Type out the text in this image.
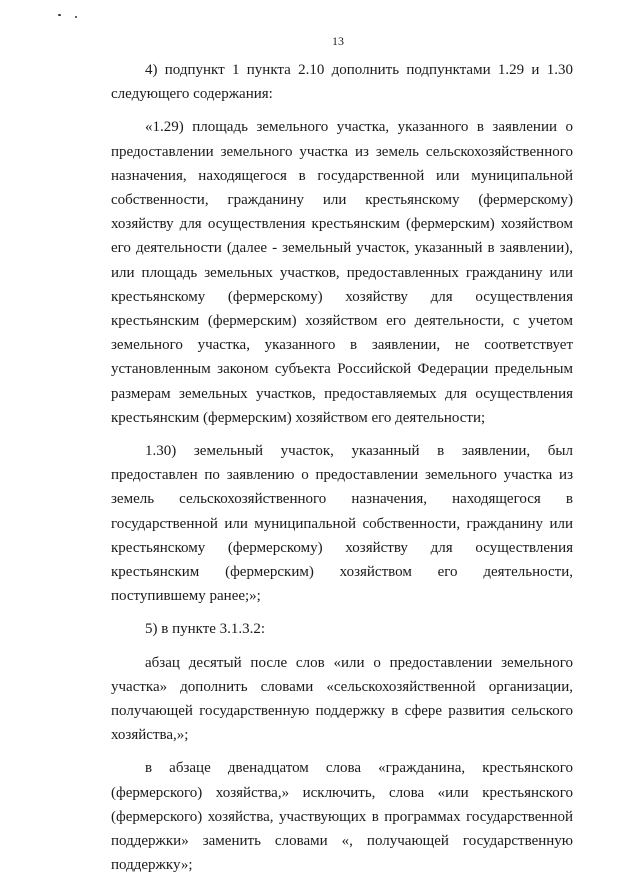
13

4) подпункт 1 пункта 2.10 дополнить подпунктами 1.29 и 1.30 следующего содержания:

«1.29) площадь земельного участка, указанного в заявлении о предоставлении земельного участка из земель сельскохозяйственного назначения, находящегося в государственной или муниципальной собственности, гражданину или крестьянскому (фермерскому) хозяйству для осуществления крестьянским (фермерским) хозяйством его деятельности (далее - земельный участок, указанный в заявлении), или площадь земельных участков, предоставленных гражданину или крестьянскому (фермерскому) хозяйству для осуществления крестьянским (фермерским) хозяйством его деятельности, с учетом земельного участка, указанного в заявлении, не соответствует установленным законом субъекта Российской Федерации предельным размерам земельных участков, предоставляемых для осуществления крестьянским (фермерским) хозяйством его деятельности;

1.30) земельный участок, указанный в заявлении, был предоставлен по заявлению о предоставлении земельного участка из земель сельскохозяйственного назначения, находящегося в государственной или муниципальной собственности, гражданину или крестьянскому (фермерскому) хозяйству для осуществления крестьянским (фермерским) хозяйством его деятельности, поступившему ранее;»;

5) в пункте 3.1.3.2:

абзац десятый после слов «или о предоставлении земельного участка» дополнить словами «сельскохозяйственной организации, получающей государственную поддержку в сфере развития сельского хозяйства,»;

в абзаце двенадцатом слова «гражданина, крестьянского (фермерского) хозяйства,» исключить, слова «или крестьянского (фермерского) хозяйства, участвующих в программах государственной поддержки» заменить словами «, получающей государственную поддержку»;
